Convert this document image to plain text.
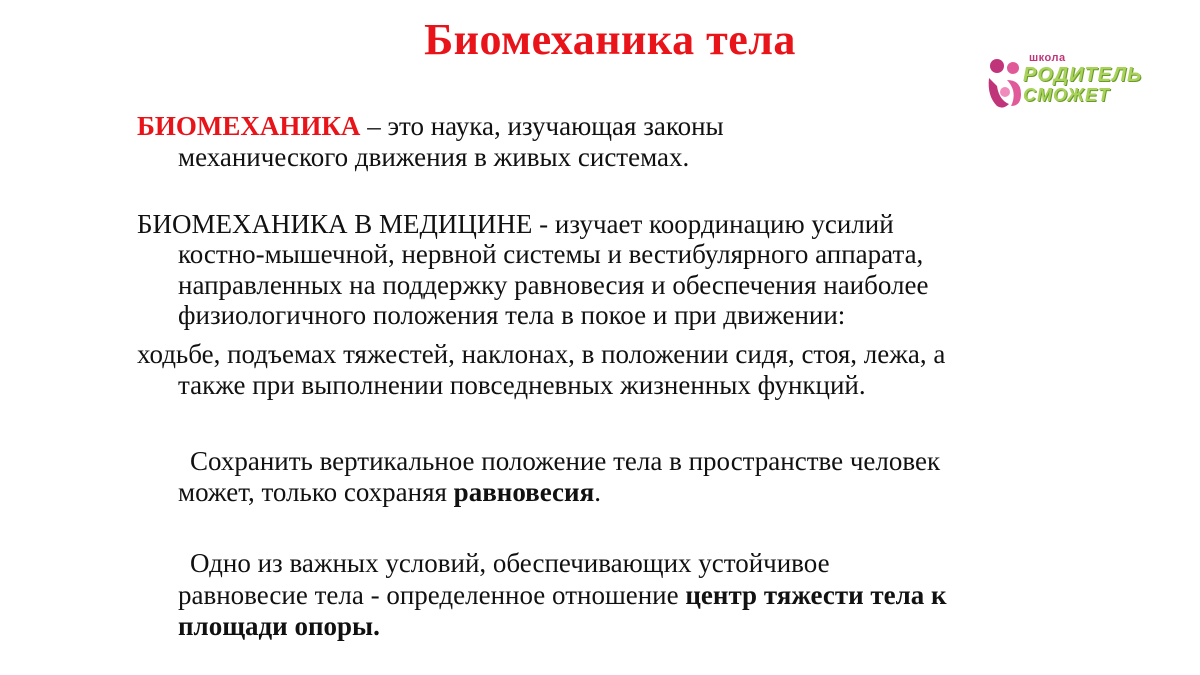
Биомеханика тела	школа
РОДИТЕЛЬ
СМОЖЕТ
БИОМЕХАНИКА – это наука, изучающая законы
механического движения в живых системах.
БИОМЕХАНИКА В МЕДИЦИНЕ - изучает координацию усилий
костно-мышечной, нервной системы и вестибулярного аппарата,
направленных на поддержку равновесия и обеспечения наиболее
физиологичного положения тела в покое и при движении:
ходьбе, подъемах тяжестей, наклонах, в положении сидя, стоя, лежа, а
также при выполнении повседневных жизненных функций.
Сохранить вертикальное положение тела в пространстве человек
может, только сохраняя равновесия.
Одно из важных условий, обеспечивающих устойчивое
равновесие тела - определенное отношение центр тяжести тела к
площади опоры.
